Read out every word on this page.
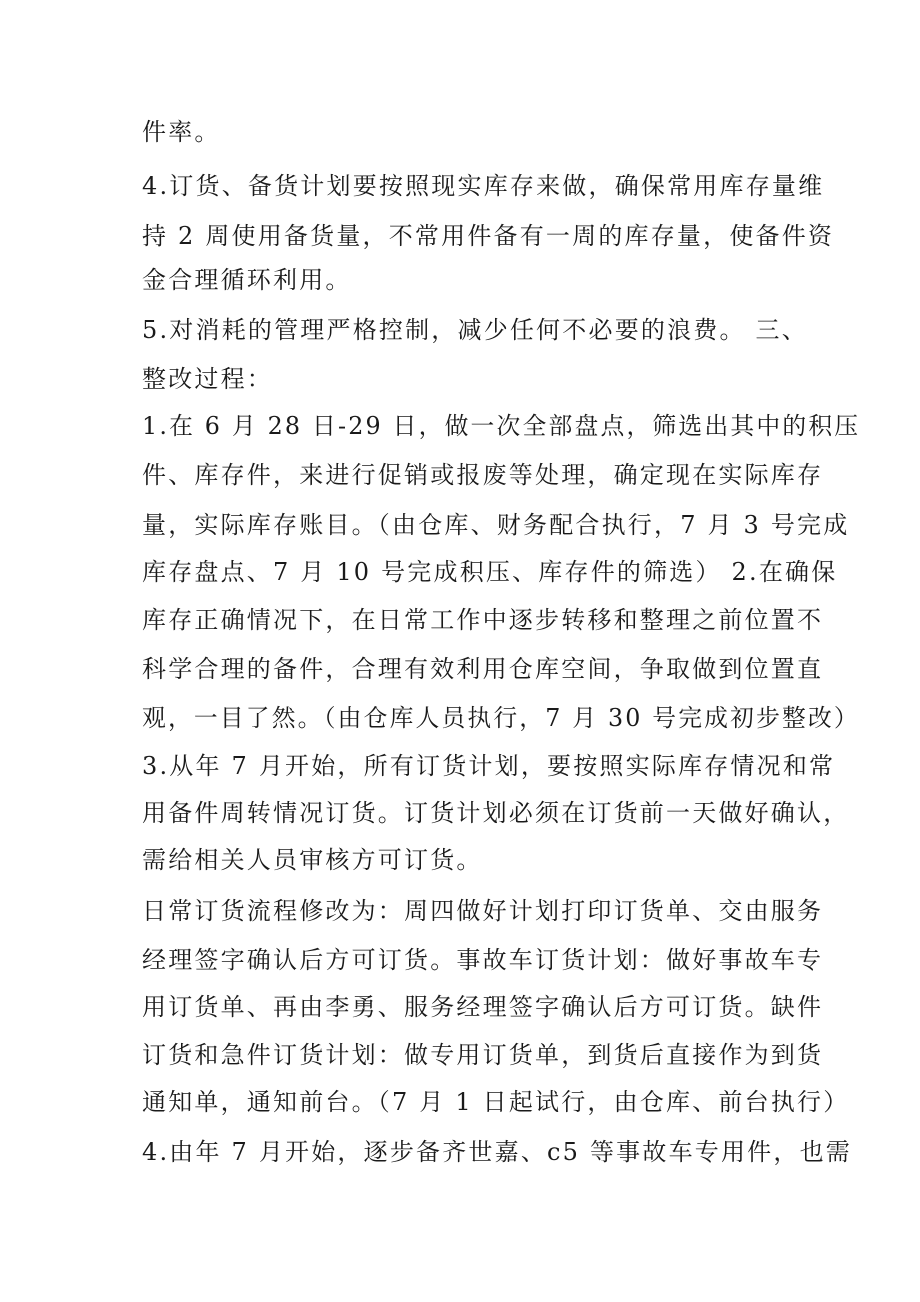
件率。
4.订货、备货计划要按照现实库存来做，确保常用库存量维
持 2 周使用备货量，不常用件备有一周的库存量，使备件资
金合理循环利用。
5.对消耗的管理严格控制，减少任何不必要的浪费。 三、
整改过程：
1.在 6 月 28 日-29 日，做一次全部盘点，筛选出其中的积压
件、库存件，来进行促销或报废等处理，确定现在实际库存
量，实际库存账目。（由仓库、财务配合执行，7 月 3 号完成
库存盘点、7 月 10 号完成积压、库存件的筛选） 2.在确保
库存正确情况下，在日常工作中逐步转移和整理之前位置不
科学合理的备件，合理有效利用仓库空间，争取做到位置直
观，一目了然。（由仓库人员执行，7 月 30 号完成初步整改）
3.从年 7 月开始，所有订货计划，要按照实际库存情况和常
用备件周转情况订货。订货计划必须在订货前一天做好确认，
需给相关人员审核方可订货。
日常订货流程修改为：周四做好计划打印订货单、交由服务
经理签字确认后方可订货。事故车订货计划：做好事故车专
用订货单、再由李勇、服务经理签字确认后方可订货。缺件
订货和急件订货计划：做专用订货单，到货后直接作为到货
通知单，通知前台。（7 月 1 日起试行，由仓库、前台执行）
4.由年 7 月开始，逐步备齐世嘉、c5 等事故车专用件，也需
